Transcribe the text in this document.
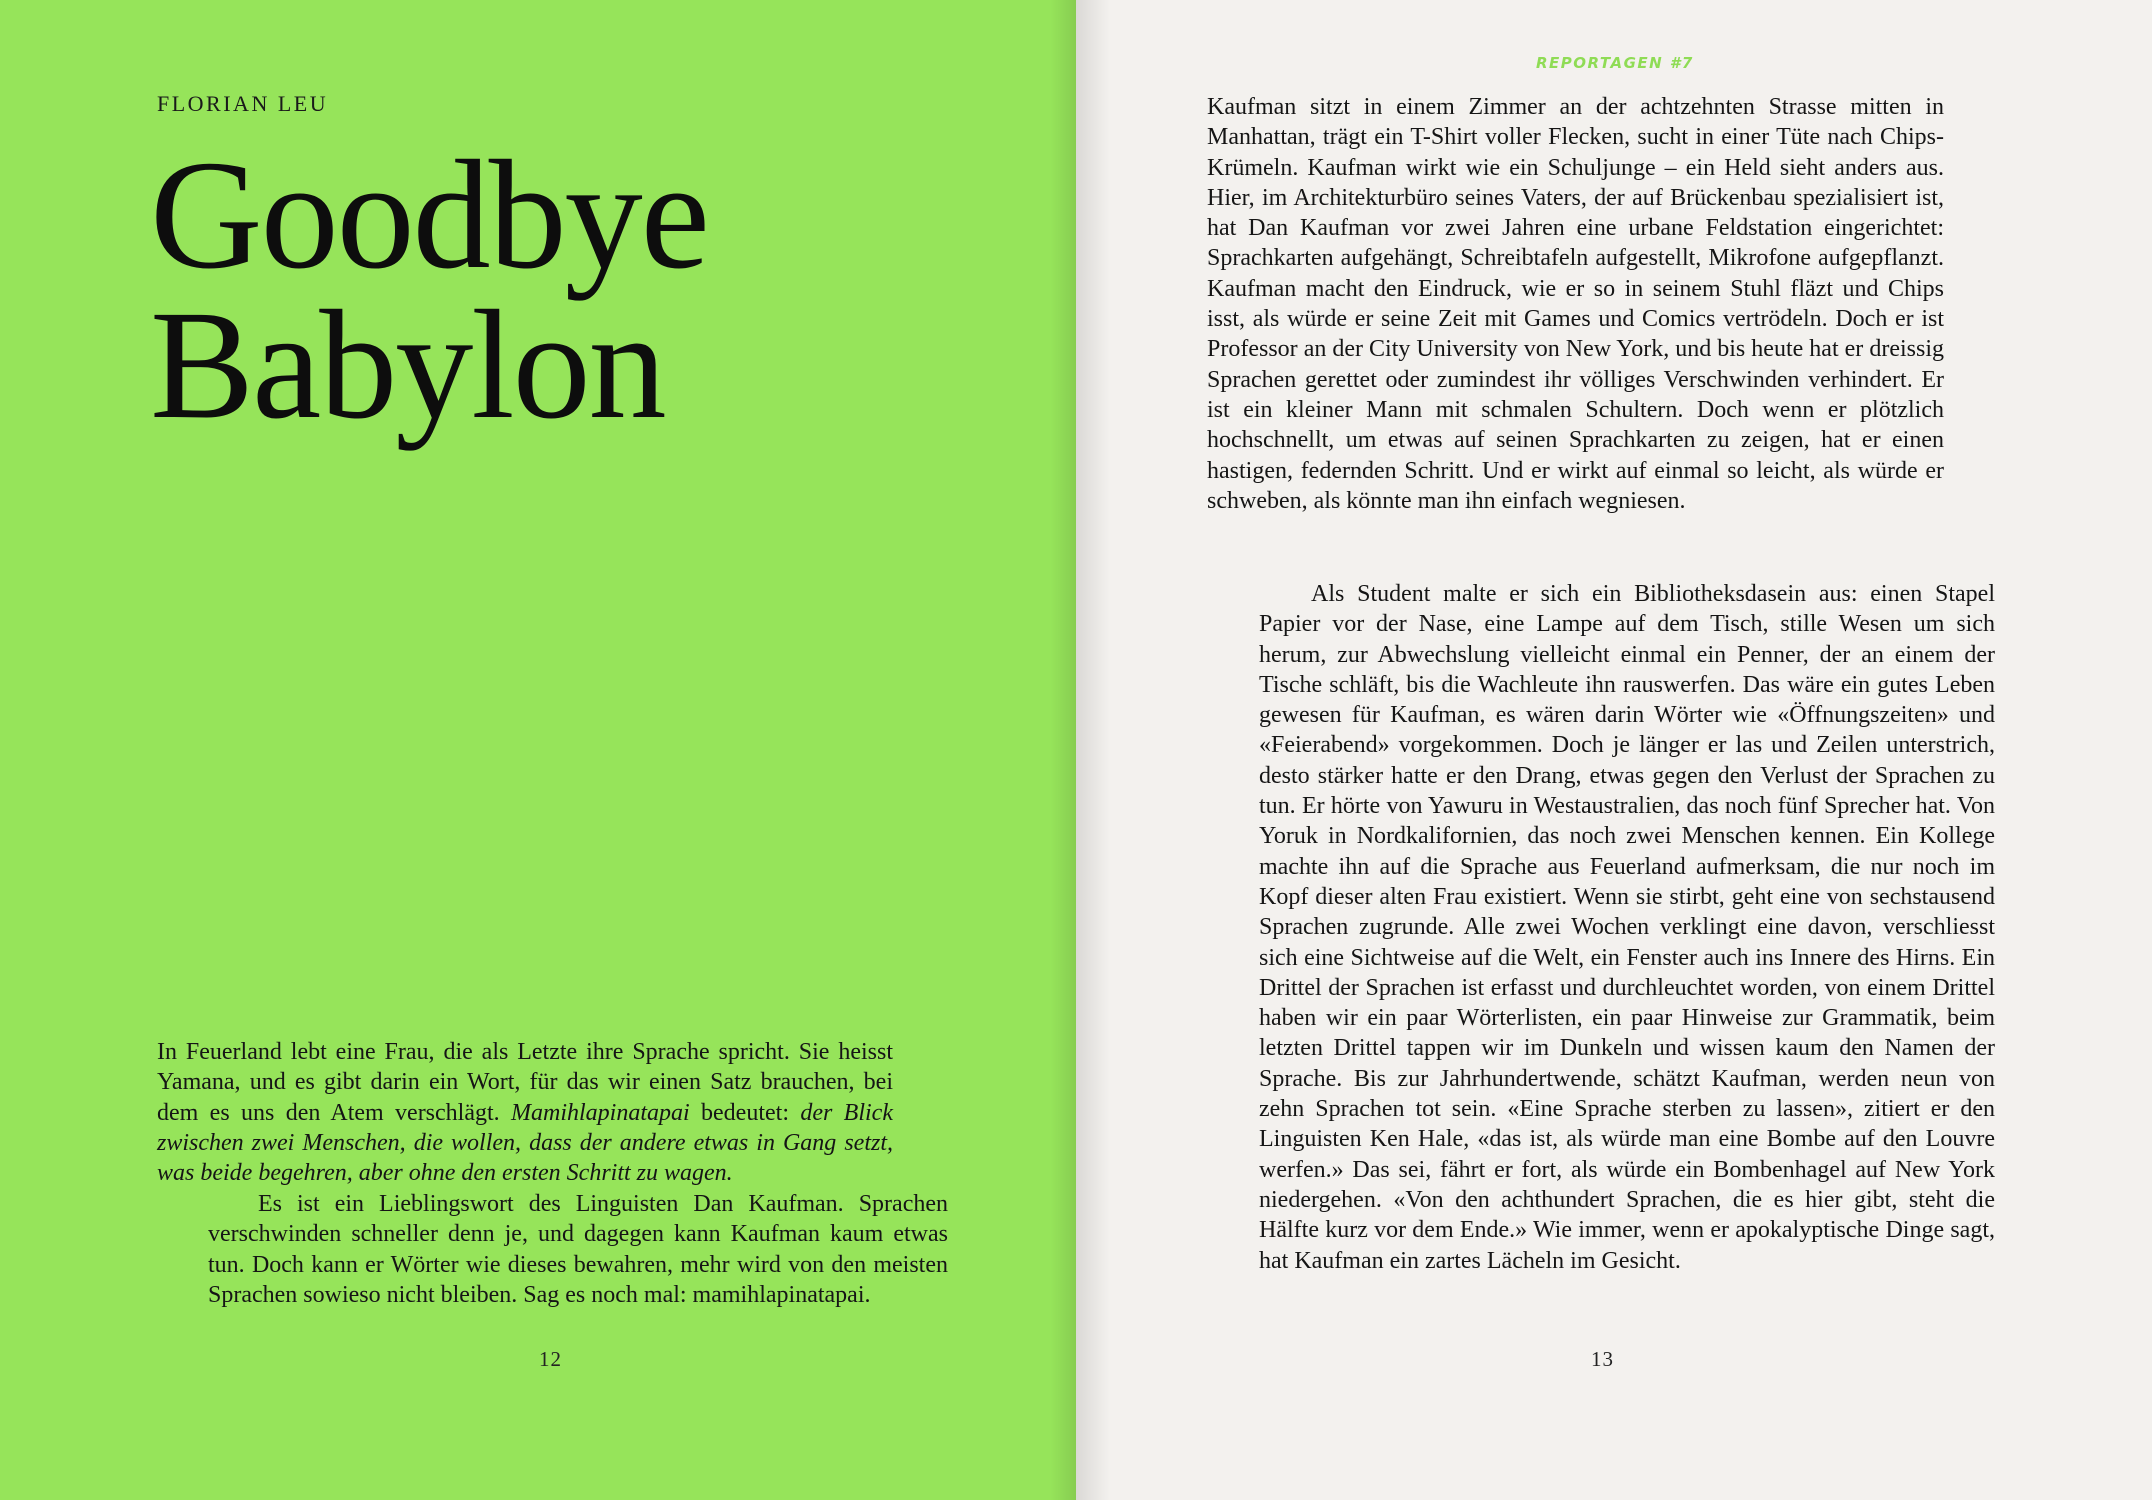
FLORIAN LEU
Goodbye
Babylon

In Feuerland lebt eine Frau, die als Letzte ihre Sprache spricht. Sie heisst Yamana, und es gibt darin ein Wort, für das wir einen Satz brauchen, bei dem es uns den Atem verschlägt. Mamihlapinatapai bedeutet: der Blick zwischen zwei Menschen, die wollen, dass der andere etwas in Gang setzt, was beide begehren, aber ohne den ersten Schritt zu wagen.

Es ist ein Lieblingswort des Linguisten Dan Kaufman. Sprachen verschwinden schneller denn je, und dagegen kann Kaufman kaum etwas tun. Doch kann er Wörter wie dieses bewahren, mehr wird von den meisten Sprachen sowieso nicht bleiben. Sag es noch mal: mamihlapinatapai.

12
REPORTAGEN #7

Kaufman sitzt in einem Zimmer an der achtzehnten Strasse mitten in Manhattan, trägt ein T-Shirt voller Flecken, sucht in einer Tüte nach Chips-Krümeln. Kaufman wirkt wie ein Schuljunge – ein Held sieht anders aus. Hier, im Architekturbüro seines Vaters, der auf Brückenbau spezialisiert ist, hat Dan Kaufman vor zwei Jahren eine urbane Feldstation eingerichtet: Sprachkarten aufgehängt, Schreibtafeln aufgestellt, Mikrofone aufgepflanzt. Kaufman macht den Eindruck, wie er so in seinem Stuhl fläzt und Chips isst, als würde er seine Zeit mit Games und Comics vertrödeln. Doch er ist Professor an der City University von New York, und bis heute hat er dreissig Sprachen gerettet oder zumindest ihr völliges Verschwinden verhindert. Er ist ein kleiner Mann mit schmalen Schultern. Doch wenn er plötzlich hochschnellt, um etwas auf seinen Sprachkarten zu zeigen, hat er einen hastigen, federnden Schritt. Und er wirkt auf einmal so leicht, als würde er schweben, als könnte man ihn einfach wegniesen.

Als Student malte er sich ein Bibliotheksdasein aus: einen Stapel Papier vor der Nase, eine Lampe auf dem Tisch, stille Wesen um sich herum, zur Abwechslung vielleicht einmal ein Penner, der an einem der Tische schläft, bis die Wachleute ihn rauswerfen. Das wäre ein gutes Leben gewesen für Kaufman, es wären darin Wörter wie «Öffnungszeiten» und «Feierabend» vorgekommen. Doch je länger er las und Zeilen unterstrich, desto stärker hatte er den Drang, etwas gegen den Verlust der Sprachen zu tun. Er hörte von Yawuru in Westaustralien, das noch fünf Sprecher hat. Von Yoruk in Nordkalifornien, das noch zwei Menschen kennen. Ein Kollege machte ihn auf die Sprache aus Feuerland aufmerksam, die nur noch im Kopf dieser alten Frau existiert. Wenn sie stirbt, geht eine von sechstausend Sprachen zugrunde. Alle zwei Wochen verklingt eine davon, verschliesst sich eine Sichtweise auf die Welt, ein Fenster auch ins Innere des Hirns. Ein Drittel der Sprachen ist erfasst und durchleuchtet worden, von einem Drittel haben wir ein paar Wörterlisten, ein paar Hinweise zur Grammatik, beim letzten Drittel tappen wir im Dunkeln und wissen kaum den Namen der Sprache. Bis zur Jahrhundertwende, schätzt Kaufman, werden neun von zehn Sprachen tot sein. «Eine Sprache sterben zu lassen», zitiert er den Linguisten Ken Hale, «das ist, als würde man eine Bombe auf den Louvre werfen.» Das sei, fährt er fort, als würde ein Bombenhagel auf New York niedergehen. «Von den achthundert Sprachen, die es hier gibt, steht die Hälfte kurz vor dem Ende.» Wie immer, wenn er apokalyptische Dinge sagt, hat Kaufman ein zartes Lächeln im Gesicht.

13
